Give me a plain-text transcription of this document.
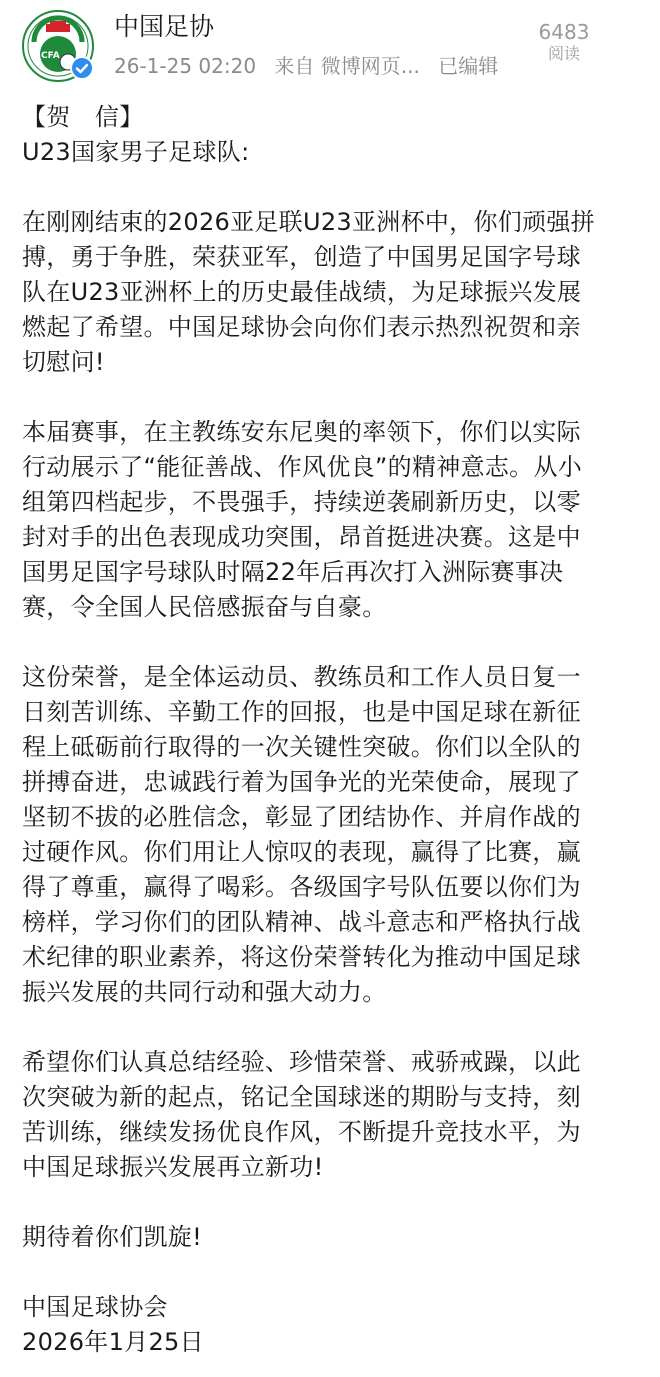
CFA
中国足协
26-1-25 02:20 来自 微博网页... 已编辑
6483
阅读

【贺　信】

U23国家男子足球队:

在刚刚结束的2026亚足联U23亚洲杯中，你们顽强拼
搏，勇于争胜，荣获亚军，创造了中国男足国字号球
队在U23亚洲杯上的历史最佳战绩，为足球振兴发展
燃起了希望。中国足球协会向你们表示热烈祝贺和亲
切慰问!

本届赛事，在主教练安东尼奥的率领下，你们以实际
行动展示了“能征善战、作风优良”的精神意志。从小
组第四档起步，不畏强手，持续逆袭刷新历史，以零
封对手的出色表现成功突围，昂首挺进决赛。这是中
国男足国字号球队时隔22年后再次打入洲际赛事决
赛，令全国人民倍感振奋与自豪。

这份荣誉，是全体运动员、教练员和工作人员日复一
日刻苦训练、辛勤工作的回报，也是中国足球在新征
程上砥砺前行取得的一次关键性突破。你们以全队的
拼搏奋进，忠诚践行着为国争光的光荣使命，展现了
坚韧不拔的必胜信念，彰显了团结协作、并肩作战的
过硬作风。你们用让人惊叹的表现，赢得了比赛，赢
得了尊重，赢得了喝彩。各级国字号队伍要以你们为
榜样，学习你们的团队精神、战斗意志和严格执行战
术纪律的职业素养，将这份荣誉转化为推动中国足球
振兴发展的共同行动和强大动力。

希望你们认真总结经验、珍惜荣誉、戒骄戒躁，以此
次突破为新的起点，铭记全国球迷的期盼与支持，刻
苦训练，继续发扬优良作风，不断提升竞技水平，为
中国足球振兴发展再立新功!

期待着你们凯旋!

中国足球协会

2026年1月25日
